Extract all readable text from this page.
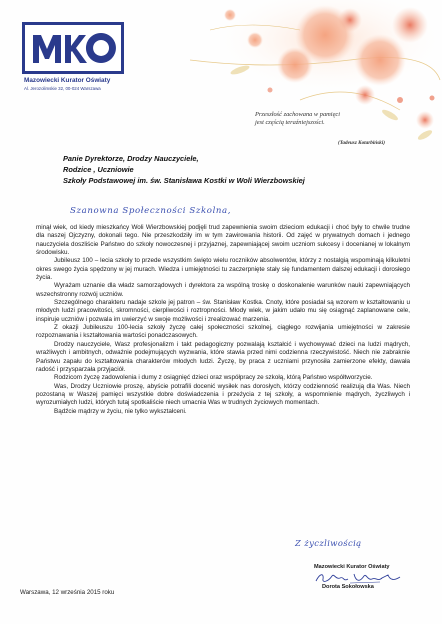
Mazowiecki Kurator Oświaty
Al. Jerozolimskie 32, 00-024 Warszawa
Przeszłość zachowana w pamięci
jest częścią teraźniejszości.
(Tadeusz Kotarbiński)
Panie Dyrektorze, Drodzy Nauczyciele,
Rodzice , Uczniowie
Szkoły Podstawowej im. św. Stanisława Kostki w Woli Wierzbowskiej
Szanowna Społeczności Szkolna,

minął wiek, od kiedy mieszkańcy Woli Wierzbowskiej podjęli trud zapewnienia swoim dzieciom edukacji i choć były to chwile trudne dla naszej Ojczyzny, dokonali tego. Nie przeszkodziły im w tym zawirowania historii. Od zajęć w prywatnych domach i jednego nauczyciela doszliście Państwo do szkoły nowoczesnej i przyjaznej, zapewniającej swoim uczniom sukcesy i docenianej w lokalnym środowisku.

Jubileusz 100 – lecia szkoły to przede wszystkim święto wielu roczników absolwentów, którzy z nostalgią wspominają kilkuletni okres swego życia spędzony w jej murach. Wiedza i umiejętności tu zaczerpnięte stały się fundamentem dalszej edukacji i dorosłego życia.

Wyrażam uznanie dla władz samorządowych i dyrektora za wspólną troskę o doskonalenie warunków nauki zapewniających wszechstronny rozwój uczniów.

Szczególnego charakteru nadaje szkole jej patron – św. Stanisław Kostka. Cnoty, które posiadał są wzorem w kształtowaniu u młodych ludzi pracowitości, skromności, cierpliwości i roztropności. Młody wiek, w jakim udało mu się osiągnąć zaplanowane cele, inspiruje uczniów i pozwala im uwierzyć w swoje możliwości i zrealizować marzenia.

Z okazji Jubileuszu 100-lecia szkoły życzę całej społeczności szkolnej, ciągłego rozwijania umiejętności w zakresie rozpoznawania i kształtowania wartości ponadczasowych.

Drodzy nauczyciele, Wasz profesjonalizm i takt pedagogiczny pozwalają kształcić i wychowywać dzieci na ludzi mądrych, wrażliwych i ambitnych, odważnie podejmujących wyzwania, które stawia przed nimi codzienna rzeczywistość. Niech nie zabraknie Państwu zapału do kształtowania charakterów młodych ludzi. Życzę, by praca z uczniami przynosiła zamierzone efekty, dawała radość i przysparzała przyjaciół.

Rodzicom życzę zadowolenia i dumy z osiągnięć dzieci oraz współpracy ze szkołą, którą Państwo współtworzycie.

Was, Drodzy Uczniowie proszę, abyście potrafili docenić wysiłek nas dorosłych, którzy codzienność realizują dla Was. Niech pozostaną w Waszej pamięci wszystkie dobre doświadczenia i przeżycia z tej szkoły, a wspomnienie mądrych, życzliwych i wyrozumiałych ludzi, których tutaj spotkaliście niech umacnia Was w trudnych życiowych momentach.

Bądźcie mądrzy w życiu, nie tylko wykształceni.

Z życzliwością
Mazowiecki Kurator Oświaty
Dorota Sokołowska
Warszawa, 12 września 2015 roku
